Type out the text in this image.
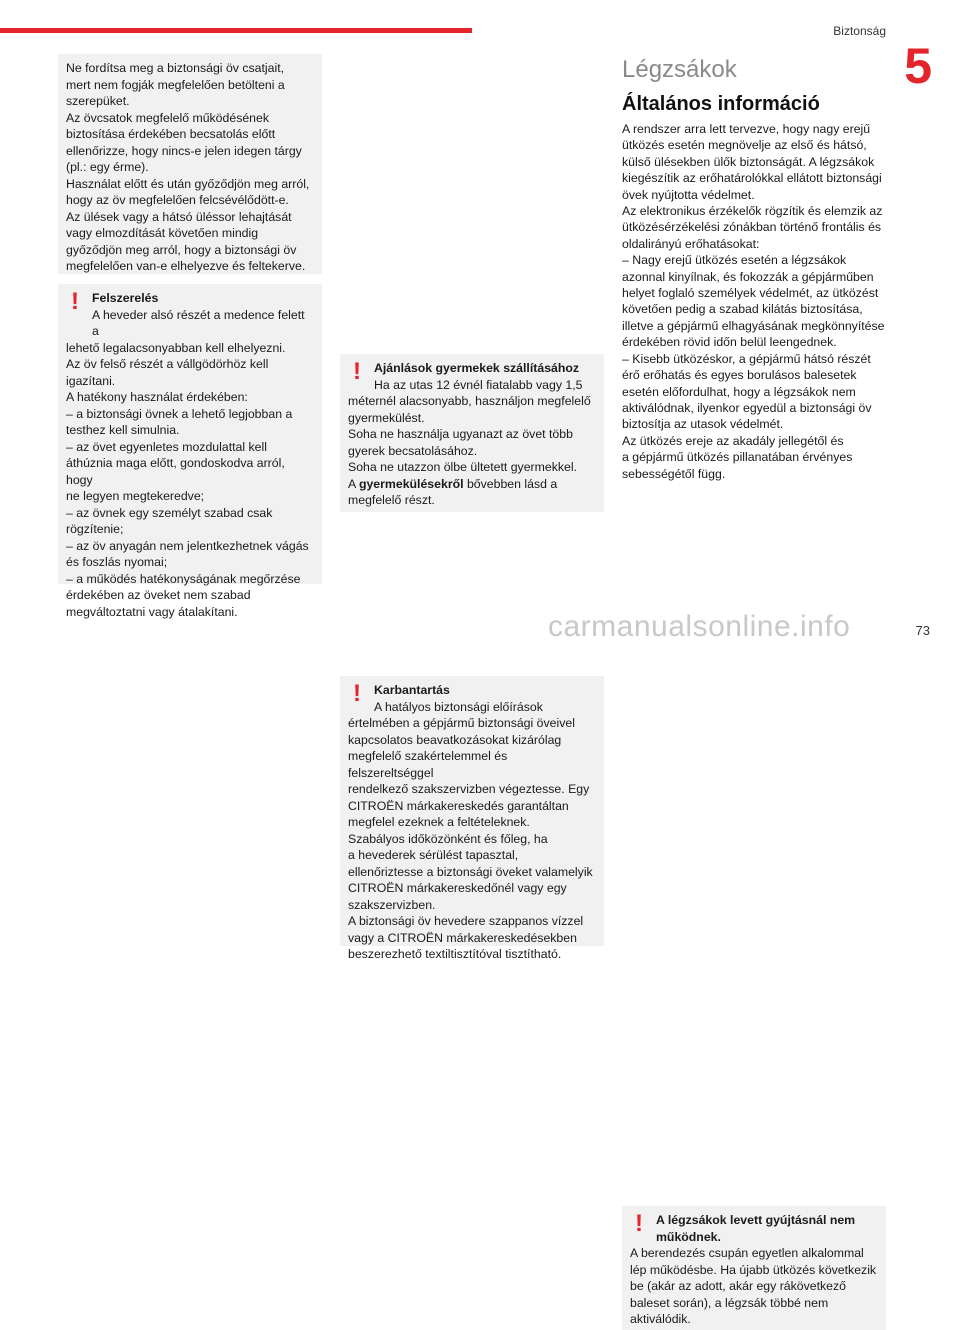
Biztonság
5

Ne fordítsa meg a biztonsági öv csatjait,
mert nem fogják megfelelően betölteni a
szerepüket.
Az övcsatok megfelelő működésének
biztosítása érdekében becsatolás előtt
ellenőrizze, hogy nincs-e jelen idegen tárgy
(pl.: egy érme).
Használat előtt és után győződjön meg arról,
hogy az öv megfelelően felcsévélődött-e.
Az ülések vagy a hátsó üléssor lehajtását
vagy elmozdítását követően mindig
győződjön meg arról, hogy a biztonsági öv
megfelelően van-e elhelyezve és feltekerve.

!	Felszerelés
A heveder alsó részét a medence felett a

lehető legalacsonyabban kell elhelyezni.
Az öv felső részét a vállgödörhöz kell
igazítani.
A hatékony használat érdekében:
– a biztonsági övnek a lehető legjobban a
testhez kell simulnia.
– az övet egyenletes mozdulattal kell
áthúznia maga előtt, gondoskodva arról, hogy
ne legyen megtekeredve;
– az övnek egy személyt szabad csak
rögzítenie;
– az öv anyagán nem jelentkezhetnek vágás
és foszlás nyomai;
– a működés hatékonyságának megőrzése
érdekében az öveket nem szabad
megváltoztatni vagy átalakítani.

!	Ajánlások gyermekek szállításához
Ha az utas 12 évnél fiatalabb vagy 1,5

méternél alacsonyabb, használjon megfelelő
gyermekülést.
Soha ne használja ugyanazt az övet több
gyerek becsatolásához.
Soha ne utazzon ölbe ültetett gyermekkel.
A gyermekülésekről bővebben lásd a
megfelelő részt.

!	Karbantartás
A hatályos biztonsági előírások

értelmében a gépjármű biztonsági öveivel
kapcsolatos beavatkozásokat kizárólag
megfelelő szakértelemmel és felszereltséggel
rendelkező szakszervizben végeztesse. Egy
CITROËN márkakereskedés garantáltan
megfelel ezeknek a feltételeknek.
Szabályos időközönként és főleg, ha
a hevederek sérülést tapasztal,
ellenőriztesse a biztonsági öveket valamelyik
CITROËN márkakereskedőnél vagy egy
szakszervizben.
A biztonsági öv hevedere szappanos vízzel
vagy a CITROËN márkakereskedésekben
beszerezhető textiltisztítóval tisztítható.

Légzsákok
Általános információ

A rendszer arra lett tervezve, hogy nagy erejű
ütközés esetén megnövelje az első és hátsó,
külső ülésekben ülők biztonságát. A légzsákok
kiegészítik az erőhatárolókkal ellátott biztonsági
övek nyújtotta védelmet.
Az elektronikus érzékelők rögzítik és elemzik az
ütközésérzékelési zónákban történő frontális és
oldalirányú erőhatásokat:
– Nagy erejű ütközés esetén a légzsákok
azonnal kinyílnak, és fokozzák a gépjárműben
helyet foglaló személyek védelmét, az ütközést
követően pedig a szabad kilátás biztosítása,
illetve a gépjármű elhagyásának megkönnyítése
érdekében rövid időn belül leengednek.
– Kisebb ütközéskor, a gépjármű hátsó részét
érő erőhatás és egyes borulásos balesetek
esetén előfordulhat, hogy a légzsákok nem
aktiválódnak, ilyenkor egyedül a biztonsági öv
biztosítja az utasok védelmét.
Az ütközés ereje az akadály jellegétől és
a gépjármű ütközés pillanatában érvényes
sebességétől függ.

!	A légzsákok levett gyújtásnál nem
működnek.

A berendezés csupán egyetlen alkalommal
lép működésbe. Ha újabb ütközés következik
be (akár az adott, akár egy rákövetkező
baleset során), a légzsák többé nem
aktiválódik.

carmanualsonline.info	73
